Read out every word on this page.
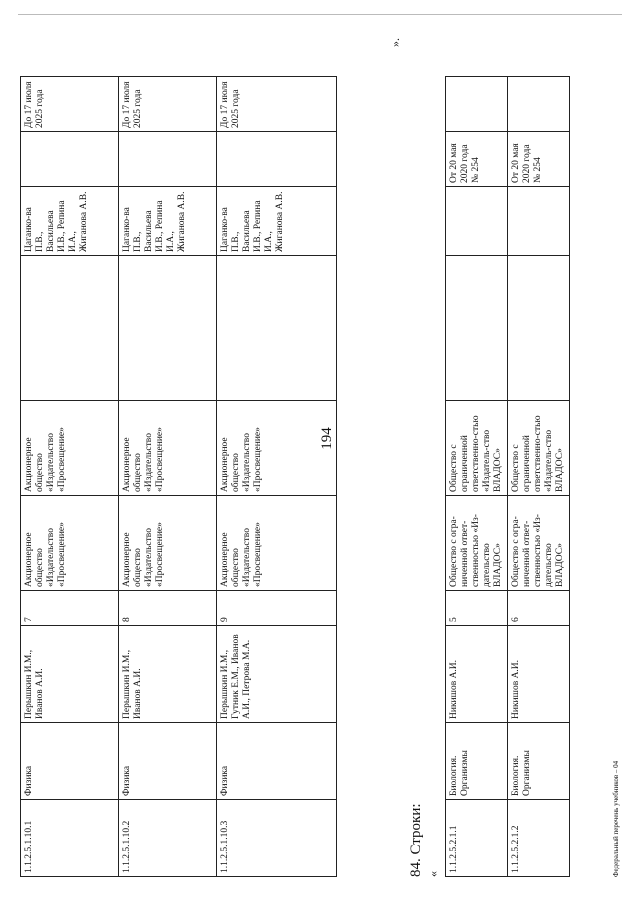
194
1.1.2.5.1.10.1	Физика	Перышкин И.М., Иванов А.И.	7	Акционерное общество «Издательство «Просвещение»	Акционерное общество «Издательство «Просвещение»		Цаганко-ва П.В., Васильева И.В., Репина И.А., Жиганова А.В.		До 17 июля 2025 года
1.1.2.5.1.10.2	Физика	Перышкин И.М., Иванов А.И.	8	Акционерное общество «Издательство «Просвещение»	Акционерное общество «Издательство «Просвещение»		Цаганко-ва П.В., Васильева И.В., Репина И.А., Жиганова А.В.		До 17 июля 2025 года
1.1.2.5.1.10.3	Физика	Перышкин И.М., Гутник Е.М., Иванов А.И., Петрова М.А.	9	Акционерное общество «Издательство «Просвещение»	Акционерное общество «Издательство «Просвещение»		Цаганко-ва П.В., Васильева И.В., Репина И.А., Жиганова А.В.		До 17 июля 2025 года
».
84. Строки: «
1.1.2.5.2.1.1	Биология. Организмы	Никишов А.И.	5	Общество с огра-ниченной ответ-ственностью «Из-дательство ВЛАДОС»	Общество с ограниченной ответственно-стью «Издатель-ство ВЛАДОС»			От 20 мая 2020 года № 254	
1.1.2.5.2.1.2	Биология. Организмы	Никишов А.И.	6	Общество с огра-ниченной ответ-ственностью «Из-дательство ВЛАДОС»	Общество с ограниченной ответственно-стью «Издатель-ство ВЛАДОС»			От 20 мая 2020 года № 254	
Федеральный перечень учебников – 04
